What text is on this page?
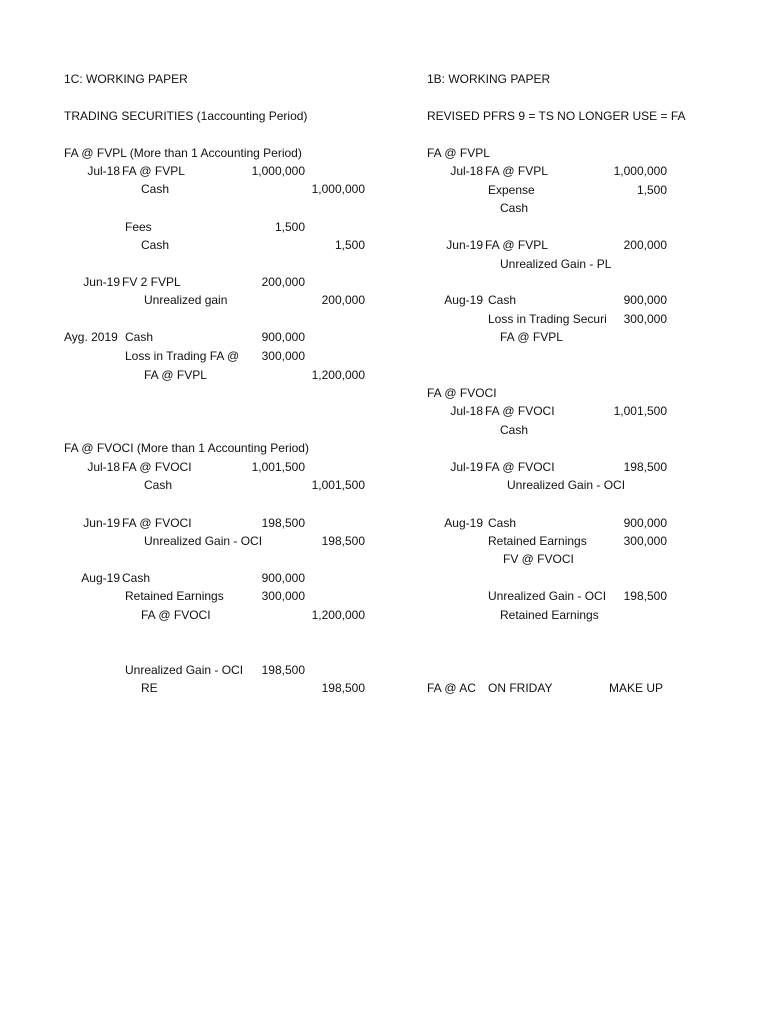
1C: WORKING PAPER
TRADING SECURITIES (1accounting Period)
FA @ FVPL (More than 1 Accounting Period)
Jul-18 FA @ FVPL	1,000,000
Cash	1,000,000
Fees	1,500
Cash	1,500
Jun-19 FV 2 FVPL	200,000
Unrealized gain	200,000
Ayg. 2019 Cash	900,000
Loss in Trading FA @ 300,000
FA @ FVPL	1,200,000
FA @ FVOCI (More than 1 Accounting Period)
Jul-18 FA @ FVOCI	1,001,500
Cash	1,001,500
Jun-19 FA @ FVOCI	198,500
Unrealized Gain - OCI	198,500
Aug-19 Cash	900,000
Retained Earnings	300,000
FA @ FVOCI	1,200,000
Unrealized Gain - OCI 198,500
RE	198,500
1B: WORKING PAPER
REVISED PFRS 9 = TS NO LONGER USE = FA
FA @ FVPL
Jul-18 FA @ FVPL	1,000,000
Expense	1,500
Cash
Jun-19 FA @ FVPL	200,000
Unrealized Gain - PL
Aug-19 Cash	900,000
Loss in Trading Securi 300,000
FA @ FVPL
FA @ FVOCI
Jul-18 FA @ FVOCI	1,001,500
Cash
Jul-19 FA @ FVOCI	198,500
Unrealized Gain - OCI
Aug-19 Cash	900,000
Retained Earnings	300,000
FV @ FVOCI
Unrealized Gain - OCI 198,500
Retained Earnings
FA @ AC ON FRIDAY	MAKE UP
